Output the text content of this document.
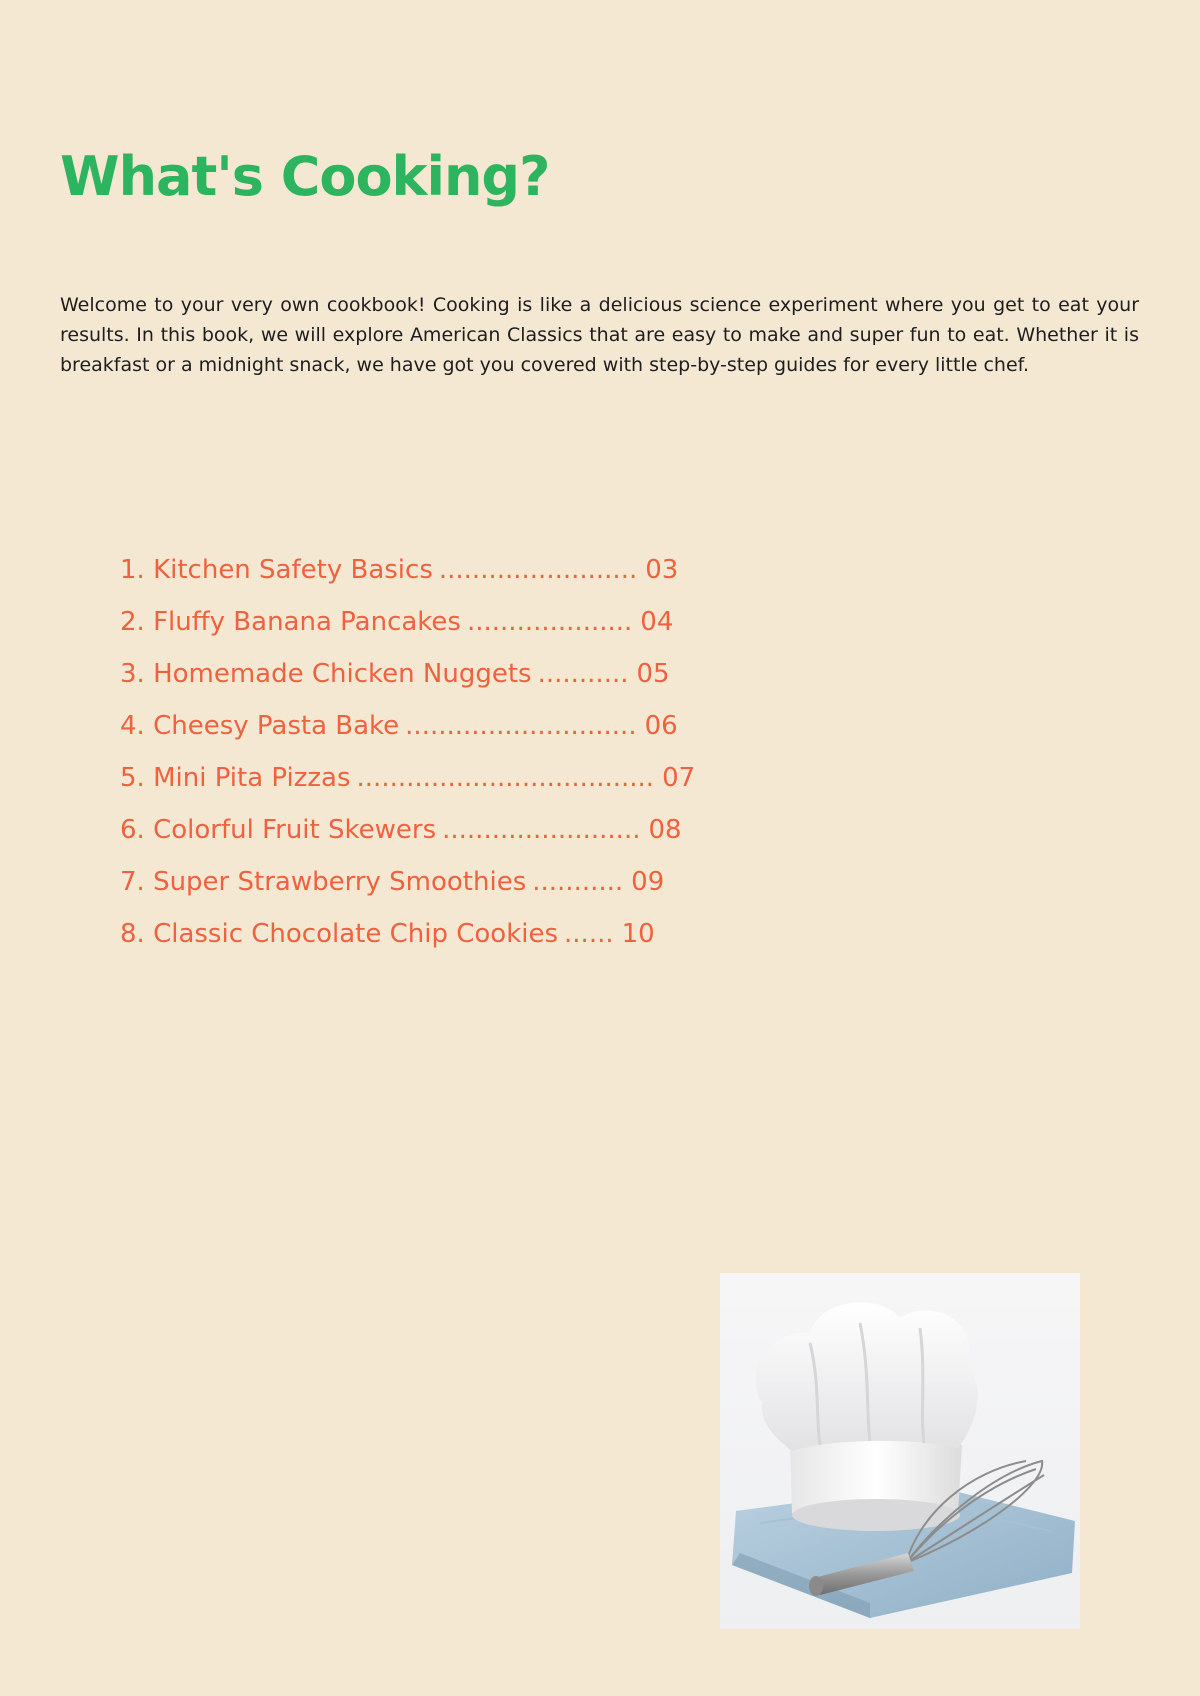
What's Cooking?

Welcome to your very own cookbook! Cooking is like a delicious science experiment where you get to eat your results. In this book, we will explore American Classics that are easy to make and super fun to eat. Whether it is breakfast or a midnight snack, we have got you covered with step-by-step guides for every little chef.

1. Kitchen Safety Basics ........................ 03
2. Fluffy Banana Pancakes .................... 04
3. Homemade Chicken Nuggets ........... 05
4. Cheesy Pasta Bake ............................ 06
5. Mini Pita Pizzas .................................... 07
6. Colorful Fruit Skewers ........................ 08
7. Super Strawberry Smoothies ........... 09
8. Classic Chocolate Chip Cookies ...... 10
